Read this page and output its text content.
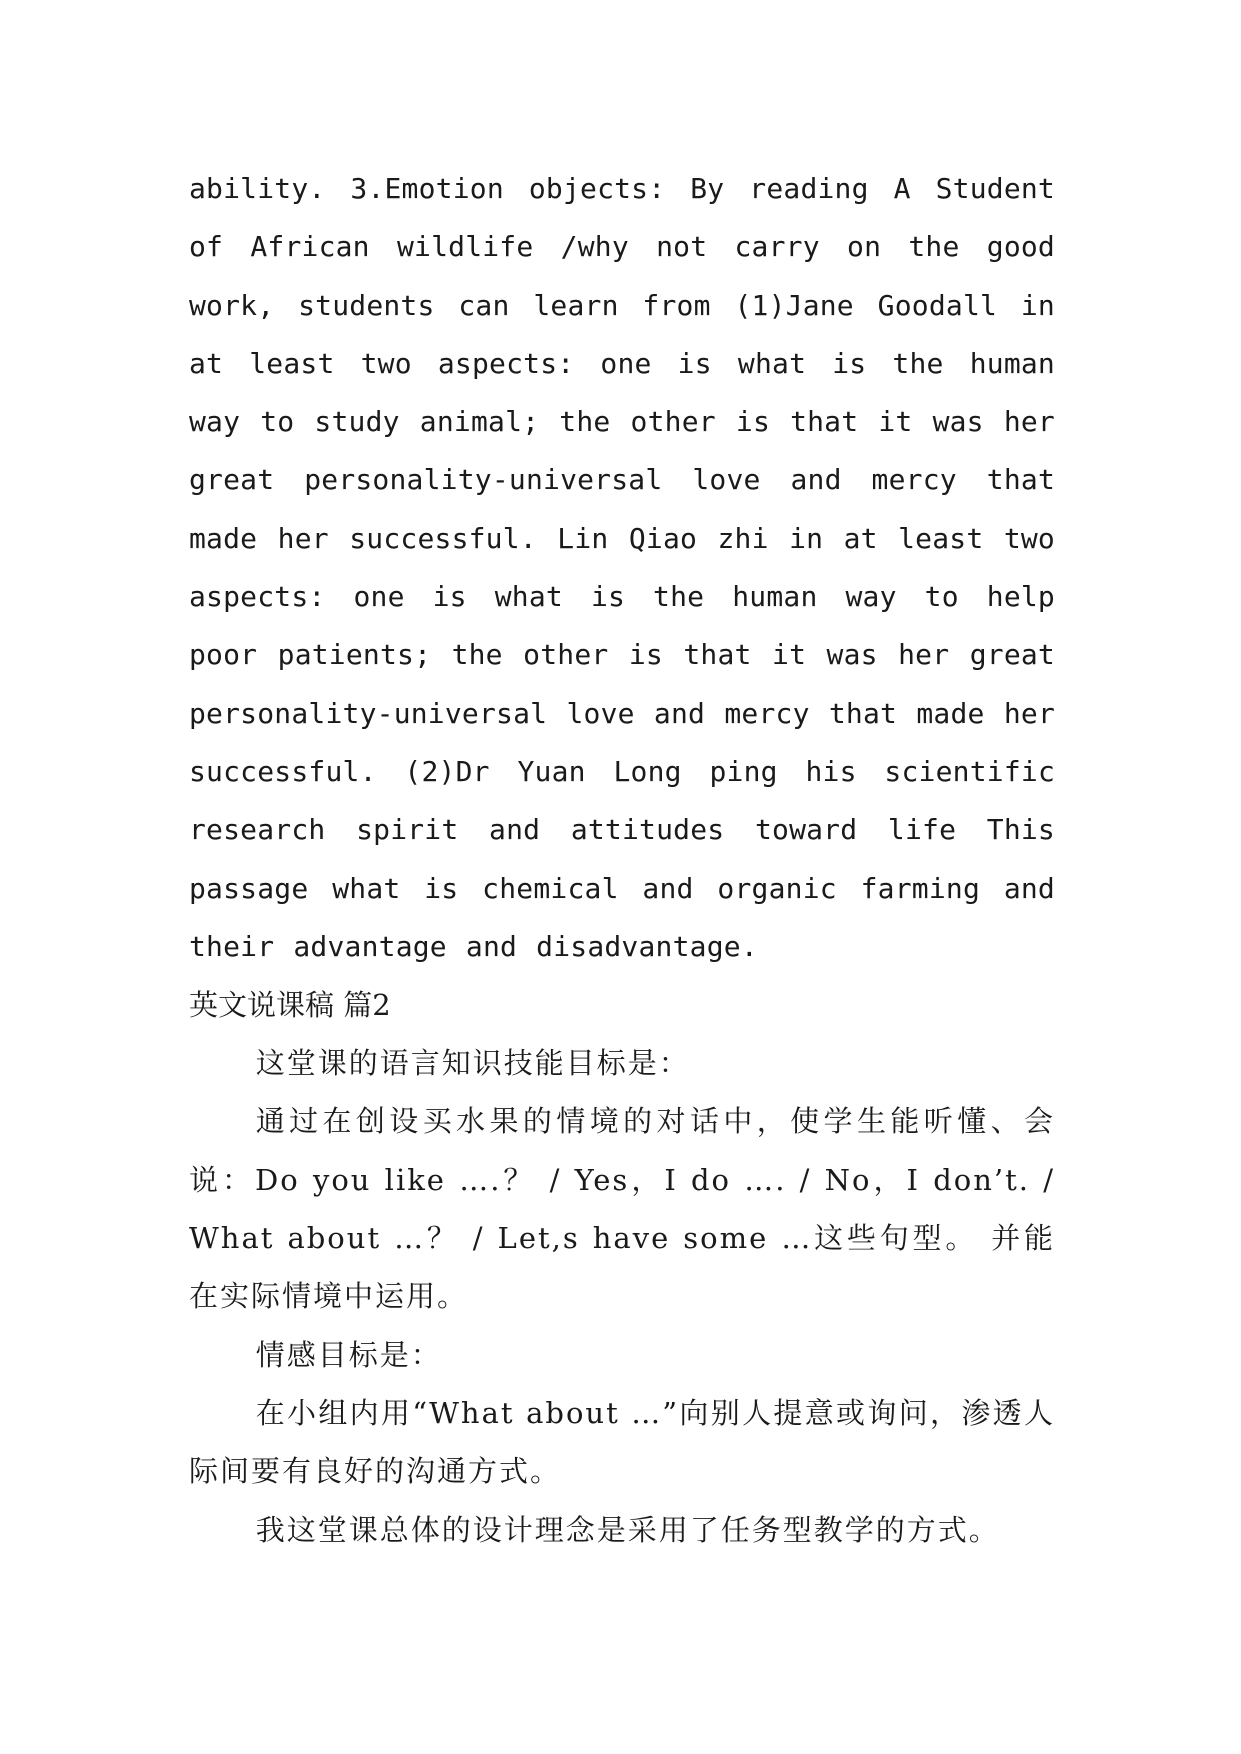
ability. 3.Emotion objects: By reading A Student of African wildlife /why not carry on the good work, students can learn from (1)Jane Goodall in at least two aspects: one is what is the human way to study animal; the other is that it was her great personality-universal love and mercy that made her successful. Lin Qiao zhi in at least two aspects: one is what is the human way to help poor patients; the other is that it was her great personality-universal love and mercy that made her successful. (2)Dr Yuan Long ping his scientific research spirit and attitudes toward life This passage what is chemical and organic farming and their advantage and disadvantage.

英文说课稿 篇2

这堂课的语言知识技能目标是：

通过在创设买水果的情境的对话中，使学生能听懂、会说：Do you like ….？ / Yes，I do …. / No，I don’t. / What about …？ / Let,s have some …这些句型。 并能在实际情境中运用。

情感目标是：

在小组内用“What about …”向别人提意或询问，渗透人际间要有良好的沟通方式。

我这堂课总体的设计理念是采用了任务型教学的方式。
